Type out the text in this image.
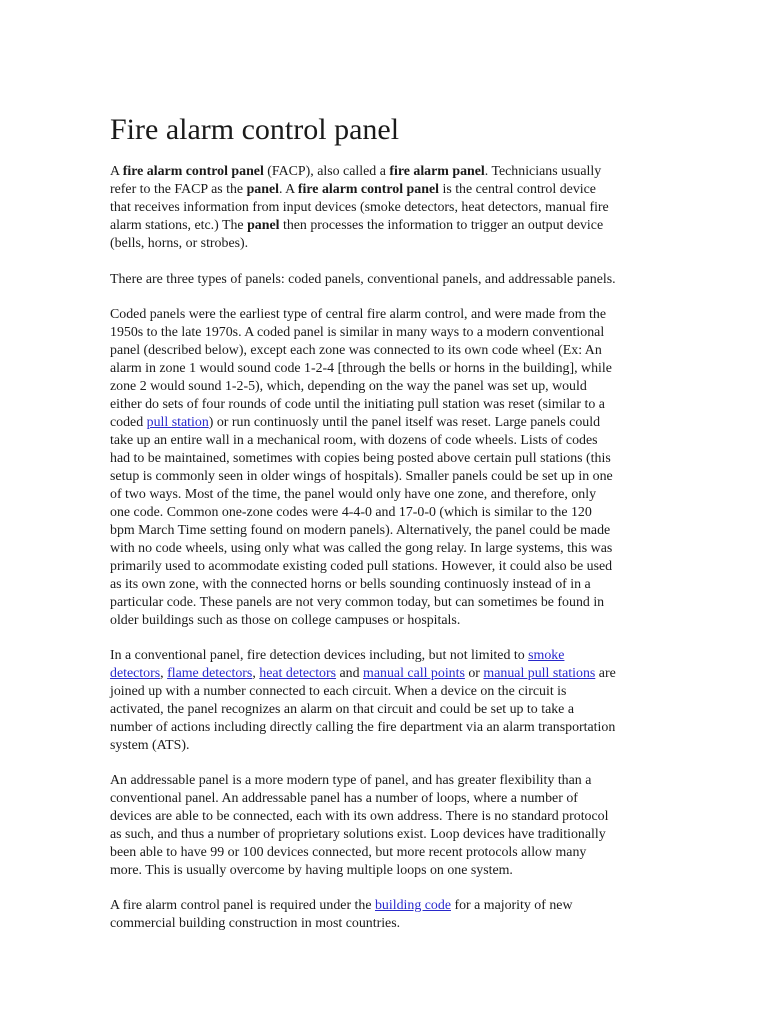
Fire alarm control panel
A fire alarm control panel (FACP), also called a fire alarm panel. Technicians usually
refer to the FACP as the panel. A fire alarm control panel is the central control device
that receives information from input devices (smoke detectors, heat detectors, manual fire
alarm stations, etc.) The panel then processes the information to trigger an output device
(bells, horns, or strobes).
There are three types of panels: coded panels, conventional panels, and addressable panels.
Coded panels were the earliest type of central fire alarm control, and were made from the
1950s to the late 1970s. A coded panel is similar in many ways to a modern conventional
panel (described below), except each zone was connected to its own code wheel (Ex: An
alarm in zone 1 would sound code 1-2-4 [through the bells or horns in the building], while
zone 2 would sound 1-2-5), which, depending on the way the panel was set up, would
either do sets of four rounds of code until the initiating pull station was reset (similar to a
coded pull station) or run continuosly until the panel itself was reset. Large panels could
take up an entire wall in a mechanical room, with dozens of code wheels. Lists of codes
had to be maintained, sometimes with copies being posted above certain pull stations (this
setup is commonly seen in older wings of hospitals). Smaller panels could be set up in one
of two ways. Most of the time, the panel would only have one zone, and therefore, only
one code. Common one-zone codes were 4-4-0 and 17-0-0 (which is similar to the 120
bpm March Time setting found on modern panels). Alternatively, the panel could be made
with no code wheels, using only what was called the gong relay. In large systems, this was
primarily used to acommodate existing coded pull stations. However, it could also be used
as its own zone, with the connected horns or bells sounding continuosly instead of in a
particular code. These panels are not very common today, but can sometimes be found in
older buildings such as those on college campuses or hospitals.
In a conventional panel, fire detection devices including, but not limited to smoke
detectors, flame detectors, heat detectors and manual call points or manual pull stations are
joined up with a number connected to each circuit. When a device on the circuit is
activated, the panel recognizes an alarm on that circuit and could be set up to take a
number of actions including directly calling the fire department via an alarm transportation
system (ATS).
An addressable panel is a more modern type of panel, and has greater flexibility than a
conventional panel. An addressable panel has a number of loops, where a number of
devices are able to be connected, each with its own address. There is no standard protocol
as such, and thus a number of proprietary solutions exist. Loop devices have traditionally
been able to have 99 or 100 devices connected, but more recent protocols allow many
more. This is usually overcome by having multiple loops on one system.
A fire alarm control panel is required under the building code for a majority of new
commercial building construction in most countries.
